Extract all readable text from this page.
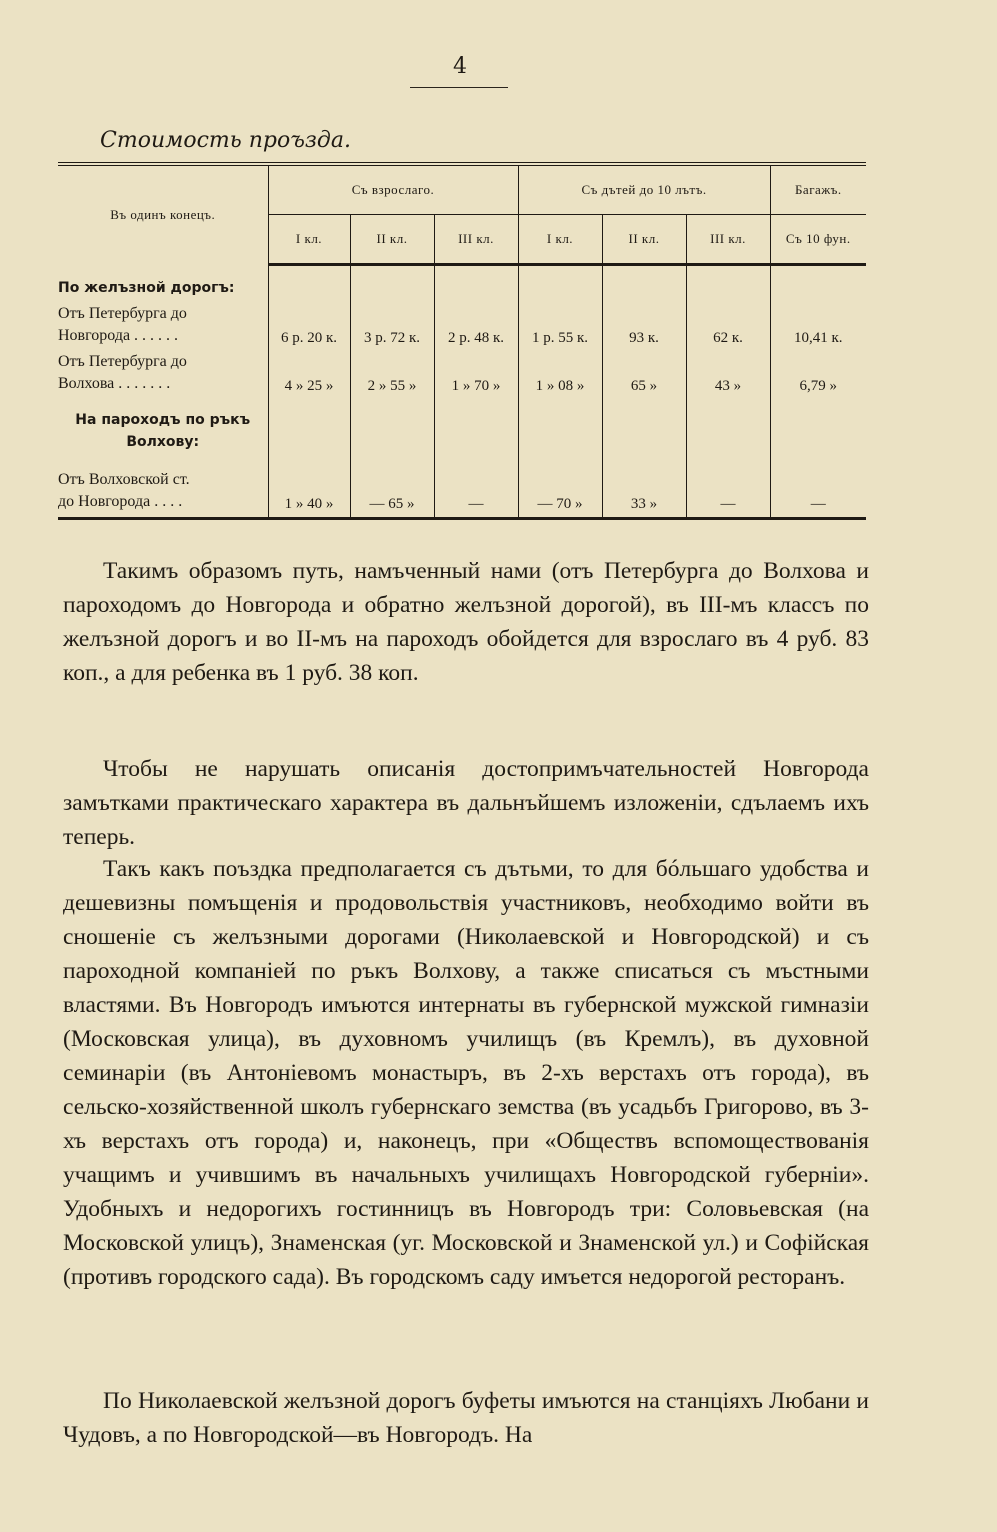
4
Стоимость проъзда.
Въ одинъ конецъ.	Съ взрослаго.			Съ дътей до 10 лътъ.			Багажъ.
	I кл.	II кл.	III кл.	I кл.	II кл.	III кл.	Съ 10 фун.
По желъзной дорогъ:							

Отъ Петербурга до
Новгорода . . . . . .	6 р. 20 к.	3 р. 72 к.	2 р. 48 к.	1 р. 55 к.	93 к.	62 к.	10,41 к.

Отъ Петербурга до
Волхова . . . . . . .	4 » 25 »	2 » 55 »	1 » 70 »	1 » 08 »	65 »	43 »	6,79 »

На пароходъ по ръкъ Волхову:							

Отъ Волховской ст.
до Новгорода . . . .	1 » 40 »	— 65 »	—	— 70 »	33 »	—	—

Такимъ образомъ путь, намъченный нами (отъ Петербурга до Волхова и пароходомъ до Новгорода и обратно желъзной дорогой), въ III-мъ классъ по желъзной дорогъ и во II-мъ на пароходъ обойдется для взрослаго въ 4 руб. 83 коп., а для ребенка въ 1 руб. 38 коп.

Чтобы не нарушать описанія достопримъчательностей Новгорода замътками практическаго характера въ дальнъйшемъ изложеніи, сдълаемъ ихъ теперь.

Такъ какъ поъздка предполагается съ дътьми, то для бóльшаго удобства и дешевизны помъщенія и продовольствія участниковъ, необходимо войти въ сношеніе съ желъзными дорогами (Николаевской и Новгородской) и съ пароходной компаніей по ръкъ Волхову, а также списаться съ мъстными властями. Въ Новгородъ имъются интернаты въ губернской мужской гимназіи (Московская улица), въ духовномъ училищъ (въ Кремлъ), въ духовной семинаріи (въ Антоніевомъ монастыръ, въ 2-хъ верстахъ отъ города), въ сельско-хозяйственной школъ губернскаго земства (въ усадьбъ Григорово, въ 3-хъ верстахъ отъ города) и, наконецъ, при «Обществъ вспомоществованія учащимъ и учившимъ въ начальныхъ училищахъ Новгородской губерніи». Удобныхъ и недорогихъ гостинницъ въ Новгородъ три: Соловьевская (на Московской улицъ), Знаменская (уг. Московской и Знаменской ул.) и Софійская (противъ городского сада). Въ городскомъ саду имъется недорогой ресторанъ.

По Николаевской желъзной дорогъ буфеты имъются на станціяхъ Любани и Чудовъ, а по Новгородской—въ Новгородъ. На
